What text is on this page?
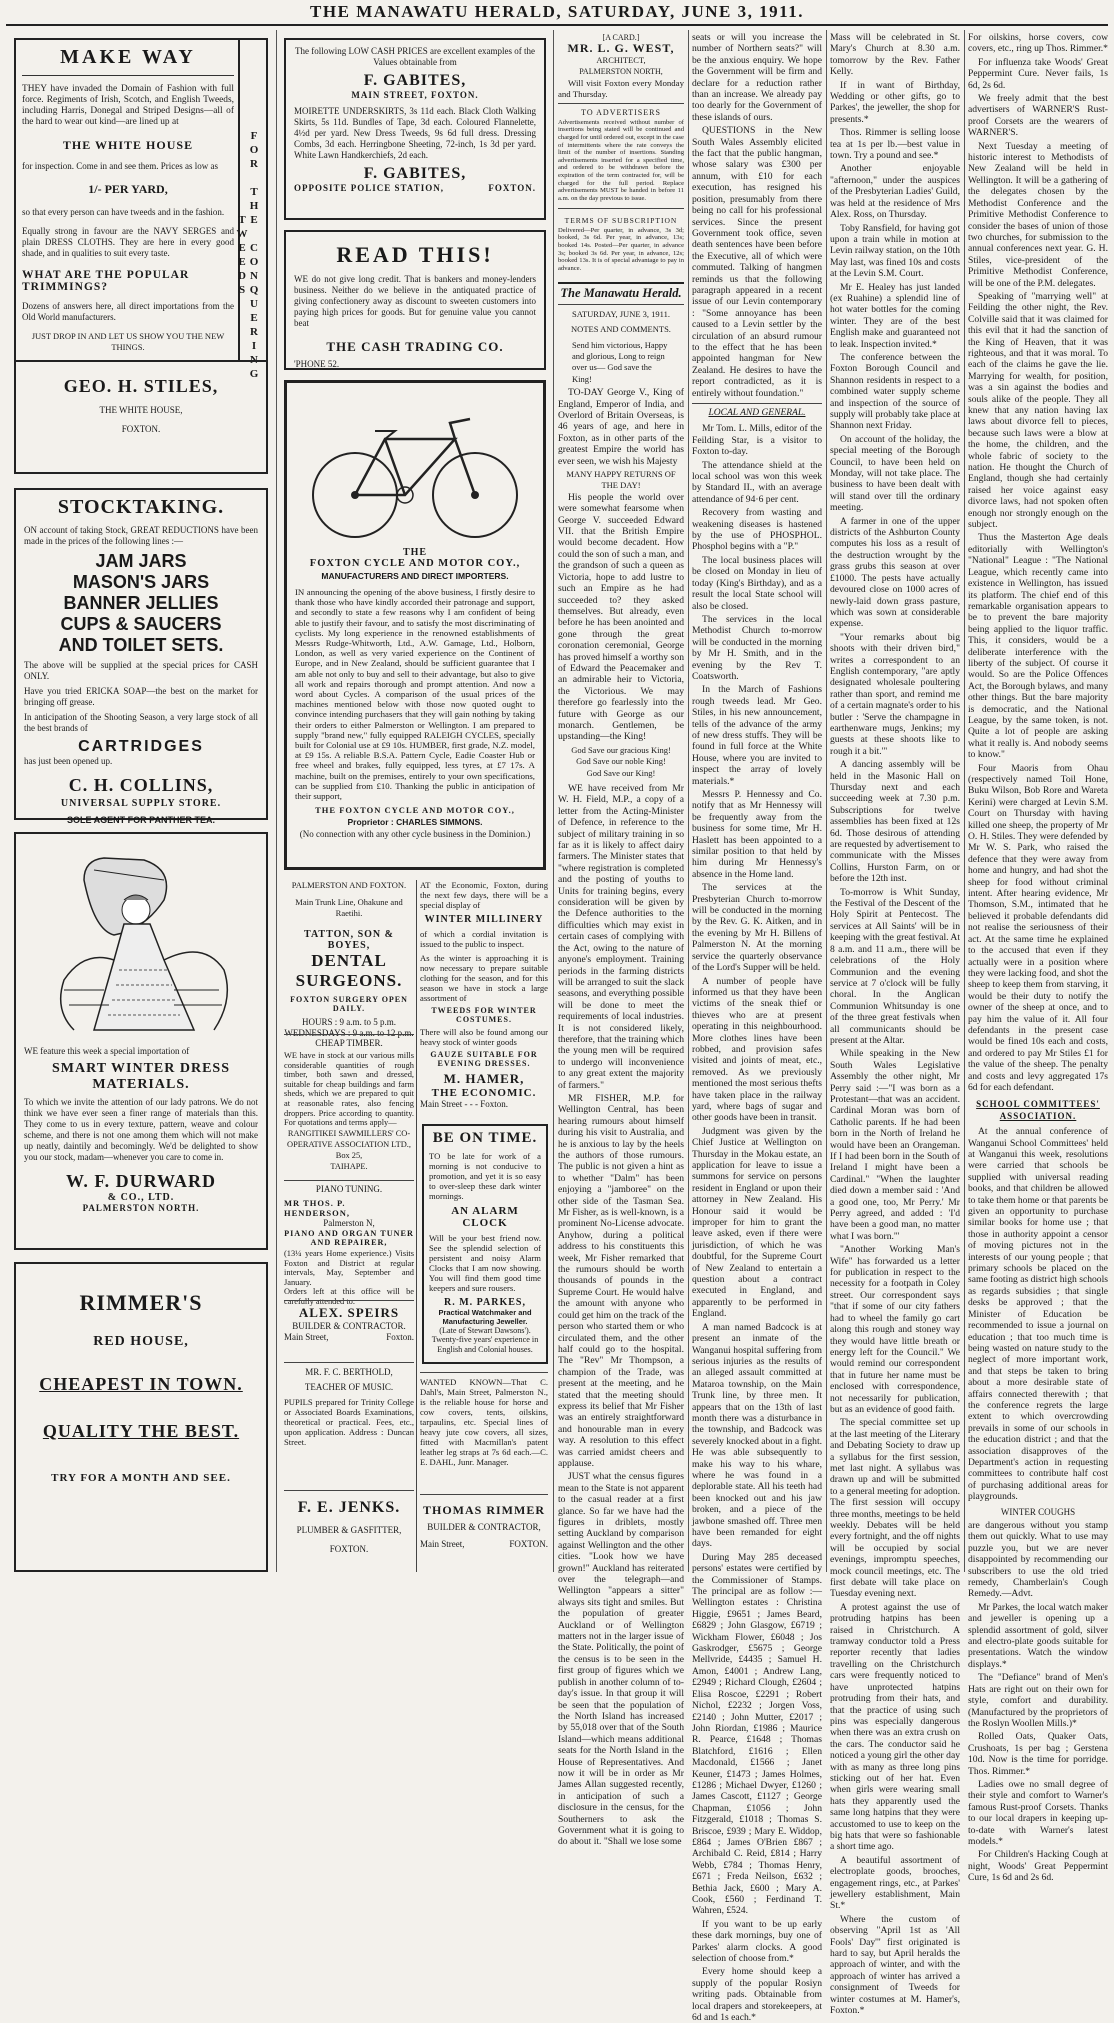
THE MANAWATU HERALD, SATURDAY, JUNE 3, 1911.
MAKE WAY
THEY have invaded the Domain of Fashion with full force. Regiments of Irish, Scotch, and English Tweeds, including Harris, Donegal and Striped Designs—all of the hard to wear out kind—are lined up at
THE WHITE HOUSE
for inspection. Come in and see them. Prices as low as
1/- PER YARD,
so that every person can have tweeds and in the fashion.
Equally strong in favour are the NAVY SERGES and plain DRESS CLOTHS. They are here in every good shade, and in qualities to suit every taste.
WHAT ARE THE POPULAR TRIMMINGS?
Dozens of answers here, all direct importations from the Old World manufacturers.
JUST DROP IN AND LET US SHOW YOU THE NEW THINGS.	FOR THE CONQUERING TWEEDS
GEO. H. STILES,
THE WHITE HOUSE,
FOXTON.
STOCKTAKING.
ON account of taking Stock, GREAT REDUCTIONS have been made in the prices of the following lines :—
JAM JARS
MASON'S JARS
BANNER JELLIES
CUPS & SAUCERS
AND TOILET SETS.
The above will be supplied at the special prices for CASH ONLY.
Have you tried ERICKA SOAP—the best on the market for bringing off grease.
In anticipation of the Shooting Season, a very large stock of all the best brands of
CARTRIDGES
has just been opened up.
C. H. COLLINS,
UNIVERSAL SUPPLY STORE.
SOLE AGENT FOR PANTHER TEA.
WE feature this week a special importation of
SMART WINTER DRESS MATERIALS.
To which we invite the attention of our lady patrons. We do not think we have ever seen a finer range of materials than this. They come to us in every texture, pattern, weave and colour scheme, and there is not one among them which will not make up neatly, daintily and becomingly. We'd be delighted to show you our stock, madam—whenever you care to come in.
W. F. DURWARD
& CO., LTD.
PALMERSTON NORTH.
RIMMER'S
RED HOUSE,
CHEAPEST IN TOWN.
QUALITY THE BEST.
TRY FOR A MONTH AND SEE.
The following LOW CASH PRICES are excellent examples of the Values obtainable from
F. GABITES,
MAIN STREET, FOXTON.
MOIRETTE UNDERSKIRTS, 3s 11d each. Black Cloth Walking Skirts, 5s 11d. Bundles of Tape, 3d each. Coloured Flannelette, 4½d per yard. New Dress Tweeds, 9s 6d full dress. Dressing Combs, 3d each. Herringbone Sheeting, 72-inch, 1s 3d per yard. White Lawn Handkerchiefs, 2d each.
F. GABITES,
OPPOSITE POLICE STATION,	FOXTON.
READ THIS!
WE do not give long credit. That is bankers and money-lenders business. Neither do we believe in the antiquated practice of giving confectionery away as discount to sweeten customers into paying high prices for goods. But for genuine value you cannot beat
THE CASH TRADING CO.
'PHONE 52.
THE
FOXTON CYCLE AND MOTOR COY.,
MANUFACTURERS AND DIRECT IMPORTERS.
IN announcing the opening of the above business, I firstly desire to thank those who have kindly accorded their patronage and support, and secondly to state a few reasons why I am confident of being able to justify their favour, and to satisfy the most discriminating of cyclists. My long experience in the renowned establishments of Messrs Rudge-Whitworth, Ltd., A.W. Gamage, Ltd., Holborn, London, as well as very varied experience on the Continent of Europe, and in New Zealand, should be sufficient guarantee that I am able not only to buy and sell to their advantage, but also to give all work and repairs thorough and prompt attention. And now a word about Cycles. A comparison of the usual prices of the machines mentioned below with those now quoted ought to convince intending purchasers that they will gain nothing by taking their orders to either Palmerston or Wellington. I am prepared to supply "brand new," fully equipped RALEIGH CYCLES, specially built for Colonial use at £9 10s. HUMBER, first grade, N.Z. model, at £9 15s. A reliable B.S.A. Pattern Cycle, Eadie Coaster Hub or free wheel and brakes, fully equipped, less tyres, at £7 17s. A machine, built on the premises, entirely to your own specifications, can be supplied from £10. Thanking the public in anticipation of their support,
THE FOXTON CYCLE AND MOTOR COY.,
Proprietor : CHARLES SIMMONS.
(No connection with any other cycle business in the Dominion.)
PALMERSTON AND FOXTON.
Main Trunk Line, Ohakune and Raetihi.
TATTON, SON & BOYES,
DENTAL SURGEONS.
FOXTON SURGERY OPEN DAILY.
HOURS : 9 a.m. to 5 p.m.
WEDNESDAYS : 9 a.m. to 12 p.m.
CHEAP TIMBER.
WE have in stock at our various mills considerable quantities of rough timber, both sawn and dressed, suitable for cheap buildings and farm sheds, which we are prepared to quit at reasonable rates, also fencing droppers. Price according to quantity. For quotations and terms apply—
RANGITIKEI SAWMILLERS' CO-OPERATIVE ASSOCIATION LTD.,
Box 25,
TAIHAPE.
PIANO TUNING.
MR THOS. P. HENDERSON,
Palmerston N,
PIANO AND ORGAN TUNER AND REPAIRER,
(13¼ years Home experience.) Visits Foxton and District at regular intervals, May, September and January.
Orders left at this office will be carefully attended to.
ALEX. SPEIRS
BUILDER & CONTRACTOR.
Main Street,	Foxton.
MR. F. C. BERTHOLD,
TEACHER OF MUSIC.
PUPILS prepared for Trinity College or Associated Boards Examinations, theoretical or practical. Fees, etc., upon application. Address : Duncan Street.
F. E. JENKS.
PLUMBER & GASFITTER,
FOXTON.
AT the Economic, Foxton, during the next few days, there will be a special display of
WINTER MILLINERY
of which a cordial invitation is issued to the public to inspect.
As the winter is approaching it is now necessary to prepare suitable clothing for the season, and for this season we have in stock a large assortment of
TWEEDS FOR WINTER COSTUMES.
There will also be found among our heavy stock of winter goods
GAUZE SUITABLE FOR EVENING DRESSES.
M. HAMER,
THE ECONOMIC.
Main Street - - - Foxton.
BE ON TIME.
TO be late for work of a morning is not conducive to promotion, and yet it is so easy to over-sleep these dark winter mornings.
AN ALARM CLOCK
Will be your best friend now. See the splendid selection of persistent and noisy Alarm Clocks that I am now showing. You will find them good time keepers and sure rousers.
R. M. PARKES,
Practical Watchmaker and Manufacturing Jeweller.
(Late of Stewart Dawsons'). Twenty-five years' experience in English and Colonial houses.
WANTED KNOWN—That C. Dahl's, Main Street, Palmerston N., is the reliable house for horse and cow covers, tents, oilskins, tarpaulins, etc. Special lines of heavy jute cow covers, all sizes, fitted with Macmillan's patent leather leg straps at 7s 6d each.—C. E. DAHL, Junr. Manager.
THOMAS RIMMER
BUILDER & CONTRACTOR,
Main Street,	FOXTON.
[A CARD.]
MR. L. G. WEST,
ARCHITECT,
PALMERSTON NORTH,

Will visit Foxton every Monday and Thursday.

TO ADVERTISERS
Advertisements received without number of insertions being stated will be continued and charged for until ordered out, except in the case of intermittents where the rate conveys the limit of the number of insertions. Standing advertisements inserted for a specified time, and ordered to be withdrawn before the expiration of the term contracted for, will be charged for the full period. Replace advertisements MUST be handed in before 11 a.m. on the day previous to issue.
TERMS OF SUBSCRIPTION
Delivered—Per quarter, in advance, 3s 3d; booked, 3s 6d. Per year, in advance, 13s; booked 14s. Posted—Per quarter, in advance 3s; booked 3s 6d. Per year, in advance, 12s; booked 13s. It is of special advantage to pay in advance.
The Manawatu Herald.
SATURDAY, JUNE 3, 1911.
NOTES AND COMMENTS.
Send him victorious, Happy and glorious, Long to reign over us— God save the King!

TO-DAY George V., King of England, Emperor of India, and Overlord of Britain Overseas, is 46 years of age, and here in Foxton, as in other parts of the greatest Empire the world has ever seen, we wish his Majesty

MANY HAPPY RETURNS OF THE DAY!

His people the world over were somewhat fearsome when George V. succeeded Edward VII. that the British Empire would become decadent. How could the son of such a man, and the grandson of such a queen as Victoria, hope to add lustre to such an Empire as he had succeeded to? they asked themselves. But already, even before he has been anointed and gone through the great coronation ceremonial, George has proved himself a worthy son of Edward the Peacemaker and an admirable heir to Victoria, the Victorious. We may therefore go fearlessly into the future with George as our monarch. Gentlemen, be upstanding—the King!

God Save our gracious King! God Save our noble King! God Save our King!

WE have received from Mr W. H. Field, M.P., a copy of a letter from the Acting-Minister of Defence, in reference to the subject of military training in so far as it is likely to affect dairy farmers. The Minister states that "where registration is completed and the posting of youths to Units for training begins, every consideration will be given by the Defence authorities to the difficulties which may exist in certain cases of complying with the Act, owing to the nature of anyone's employment. Training periods in the farming districts will be arranged to suit the slack seasons, and everything possible will be done to meet the requirements of local industries. It is not considered likely, therefore, that the training which the young men will be required to undergo will inconvenience to any great extent the majority of farmers."

MR FISHER, M.P. for Wellington Central, has been hearing rumours about himself during his visit to Australia, and he is anxious to lay by the heels the authors of those rumours. The public is not given a hint as to whether "Dalm" has been enjoying a "jamboree" on the other side of the Tasman Sea. Mr Fisher, as is well-known, is a prominent No-License advocate. Anyhow, during a political address to his constituents this week, Mr Fisher remarked that the rumours should be worth thousands of pounds in the Supreme Court. He would halve the amount with anyone who could get him on the track of the person who started them or who circulated them, and the other half could go to the hospital. The "Rev" Mr Thompson, a champion of the Trade, was present at the meeting, and he stated that the meeting should express its belief that Mr Fisher was an entirely straightforward and honourable man in every way. A resolution to this effect was carried amidst cheers and applause.

JUST what the census figures mean to the State is not apparent to the casual reader at a first glance. So far we have had the figures in driblets, mostly setting Auckland by comparison against Wellington and the other cities. "Look how we have grown!" Auckland has reiterated over the telegraph—and Wellington "appears a sitter" always sits tight and smiles. But the population of greater Auckland or of Wellington matters not in the larger issue of the State. Politically, the point of the census is to be seen in the first group of figures which we publish in another column of to-day's issue. In that group it will be seen that the population of the North Island has increased by 55,018 over that of the South Island—which means additional seats for the North Island in the House of Representatives. And now it will be in order as Mr James Allan suggested recently, in anticipation of such a disclosure in the census, for the Southerners to ask the Government what it is going to do about it. "Shall we lose some

seats or will you increase the number of Northern seats?" will be the anxious enquiry. We hope the Government will be firm and declare for a reduction rather than an increase. We already pay too dearly for the Government of these islands of ours.

QUESTIONS in the New South Wales Assembly elicited the fact that the public hangman, whose salary was £300 per annum, with £10 for each execution, has resigned his position, presumably from there being no call for his professional services. Since the present Government took office, seven death sentences have been before the Executive, all of which were commuted. Talking of hangmen reminds us that the following paragraph appeared in a recent issue of our Levin contemporary : "Some annoyance has been caused to a Levin settler by the circulation of an absurd rumour to the effect that he has been appointed hangman for New Zealand. He desires to have the report contradicted, as it is entirely without foundation."

LOCAL AND GENERAL.

Mr Tom. L. Mills, editor of the Feilding Star, is a visitor to Foxton to-day.

The attendance shield at the local school was won this week by Standard II., with an average attendance of 94·6 per cent.

Recovery from wasting and weakening diseases is hastened by the use of PHOSPHOL. Phosphol begins with a "P."

The local business places will be closed on Monday in lieu of today (King's Birthday), and as a result the local State school will also be closed.

The services in the local Methodist Church to-morrow will be conducted in the morning by Mr H. Smith, and in the evening by the Rev T. Coatsworth.

In the March of Fashions rough tweeds lead. Mr Geo. Stiles, in his new announcement, tells of the advance of the army of new dress stuffs. They will be found in full force at the White House, where you are invited to inspect the array of lovely materials.*

Messrs P. Hennessy and Co. notify that as Mr Hennessy will be frequently away from the business for some time, Mr H. Haslett has been appointed to a similar position to that held by him during Mr Hennessy's absence in the Home land.

The services at the Presbyterian Church to-morrow will be conducted in the morning by the Rev. G. K. Aitken, and in the evening by Mr H. Billens of Palmerston N. At the morning service the quarterly observance of the Lord's Supper will be held.

A number of people have informed us that they have been victims of the sneak thief or thieves who are at present operating in this neighbourhood. More clothes lines have been robbed, and provision safes visited and joints of meat, etc., removed. As we previously mentioned the most serious thefts have taken place in the railway yard, where bags of sugar and other goods have been in transit.

Judgment was given by the Chief Justice at Wellington on Thursday in the Mokau estate, an application for leave to issue a summons for service on persons resident in England or upon their attorney in New Zealand. His Honour said it would be improper for him to grant the leave asked, even if there were jurisdiction, of which he was doubtful, for the Supreme Court of New Zealand to entertain a question about a contract executed in England, and apparently to be performed in England.

A man named Badcock is at present an inmate of the Wanganui hospital suffering from serious injuries as the results of an alleged assault committed at Mataroa township, on the Main Trunk line, by three men. It appears that on the 13th of last month there was a disturbance in the township, and Badcock was severely knocked about in a fight. He was able subsequently to make his way to his whare, where he was found in a deplorable state. All his teeth had been knocked out and his jaw broken, and a piece of the jawbone smashed off. Three men have been remanded for eight days.

During May 285 deceased persons' estates were certified by the Commissioner of Stamps. The principal are as follow :—Wellington estates : Christina Higgie, £9651 ; James Beard, £6829 ; John Glasgow, £6719 ; Wickham Flower, £6048 ; Jos Gaskrodger, £5675 ; George Mellvride, £4435 ; Samuel H. Amon, £4001 ; Andrew Lang, £2949 ; Richard Clough, £2604 ; Elisa Roscoe, £2291 ; Robert Nichol, £2232 ; Jorgen Voss, £2140 ; John Mutter, £2017 ; John Riordan, £1986 ; Maurice R. Pearce, £1648 ; Thomas Blatchford, £1616 ; Ellen Macdonald, £1566 ; Janet Keuner, £1473 ; James Holmes, £1286 ; Michael Dwyer, £1260 ; James Cascott, £1127 ; George Chapman, £1056 ; John Fitzgerald, £1018 ; Thomas S. Briscoe, £939 ; Mary E. Widdop, £864 ; James O'Brien £867 ; Archibald C. Reid, £814 ; Harry Webb, £784 ; Thomas Henry, £671 ; Freda Neilson, £632 ; Bethia Jack, £600 ; Mary A. Cook, £560 ; Ferdinand T. Wahren, £524.

If you want to be up early these dark mornings, buy one of Parkes' alarm clocks. A good selection of choose from.*

Every home should keep a supply of the popular Rosiyn writing pads. Obtainable from local drapers and storekeepers, at 6d and 1s each.*

Mass will be celebrated in St. Mary's Church at 8.30 a.m. tomorrow by the Rev. Father Kelly.

If in want of Birthday, Wedding or other gifts, go to Parkes', the jeweller, the shop for presents.*

Thos. Rimmer is selling loose tea at 1s per lb.—best value in town. Try a pound and see.*

Another enjoyable "afternoon," under the auspices of the Presbyterian Ladies' Guild, was held at the residence of Mrs Alex. Ross, on Thursday.

Toby Ransfield, for having got upon a train while in motion at Levin railway station, on the 10th May last, was fined 10s and costs at the Levin S.M. Court.

Mr E. Healey has just landed (ex Ruahine) a splendid line of hot water bottles for the coming winter. They are of the best English make and guaranteed not to leak. Inspection invited.*

The conference between the Foxton Borough Council and Shannon residents in respect to a combined water supply scheme and inspection of the source of supply will probably take place at Shannon next Friday.

On account of the holiday, the special meeting of the Borough Council, to have been held on Monday, will not take place. The business to have been dealt with will stand over till the ordinary meeting.

A farmer in one of the upper districts of the Ashburton County computes his loss as a result of the destruction wrought by the grass grubs this season at over £1000. The pests have actually devoured close on 1000 acres of newly-laid down grass pasture, which was sown at considerable expense.

"Your remarks about big shoots with their driven bird," writes a correspondent to an English contemporary, "are aptly designated wholesale poultering rather than sport, and remind me of a certain magnate's order to his butler : 'Serve the champagne in earthenware mugs, Jenkins; my guests at these shoots like to rough it a bit.'"

A dancing assembly will be held in the Masonic Hall on Thursday next and each succeeding week at 7.30 p.m. Subscriptions for twelve assemblies has been fixed at 12s 6d. Those desirous of attending are requested by advertisement to communicate with the Misses Collins, Hurston Farm, on or before the 12th inst.

To-morrow is Whit Sunday, the Festival of the Descent of the Holy Spirit at Pentecost. The services at All Saints' will be in keeping with the great festival. At 8 a.m. and 11 a.m., there will be celebrations of the Holy Communion and the evening service at 7 o'clock will be fully choral. In the Anglican Communion Whitsunday is one of the three great festivals when all communicants should be present at the Altar.

While speaking in the New South Wales Legislative Assembly the other night, Mr Perry said :—"I was born as a Protestant—that was an accident. Cardinal Moran was born of Catholic parents. If he had been born in the North of Ireland he would have been an Orangeman. If I had been born in the South of Ireland I might have been a Cardinal." "When the laughter died down a member said : 'And a good one, too, Mr Perry.' Mr Perry agreed, and added : 'I'd have been a good man, no matter what I was born.'"

"Another Working Man's Wife" has forwarded us a letter for publication in respect to the necessity for a footpath in Coley street. Our correspondent says "that if some of our city fathers had to wheel the family go cart along this rough and stoney way they would have little breath or energy left for the Council." We would remind our correspondent that in future her name must be enclosed with correspondence, not necessarily for publication, but as an evidence of good faith.

The special committee set up at the last meeting of the Literary and Debating Society to draw up a syllabus for the first session, met last night. A syllabus was drawn up and will be submitted to a general meeting for adoption. The first session will occupy three months, meetings to be held weekly. Debates will be held every fortnight, and the off nights will be occupied by social evenings, impromptu speeches, mock council meetings, etc. The first debate will take place on Tuesday evening next.

A protest against the use of protruding hatpins has been raised in Christchurch. A tramway conductor told a Press reporter recently that ladies travelling on the Christchurch cars were frequently noticed to have unprotected hatpins protruding from their hats, and that the practice of using such pins was especially dangerous when there was an extra crush on the cars. The conductor said he noticed a young girl the other day with as many as three long pins sticking out of her hat. Even when girls were wearing small hats they apparently used the same long hatpins that they were accustomed to use to keep on the big hats that were so fashionable a short time ago.

A beautiful assortment of electroplate goods, brooches, engagement rings, etc., at Parkes' jewellery establishment, Main St.*

Where the custom of observing "April 1st as 'All Fools' Day'" first originated is hard to say, but April heralds the approach of winter, and with the approach of winter has arrived a consignment of Tweeds for winter costumes at M. Hamer's, Foxton.*

For oilskins, horse covers, cow covers, etc., ring up Thos. Rimmer.*

For influenza take Woods' Great Peppermint Cure. Never fails, 1s 6d, 2s 6d.

We freely admit that the best advertisers of WARNER'S Rust-proof Corsets are the wearers of WARNER'S.

Next Tuesday a meeting of historic interest to Methodists of New Zealand will be held in Wellington. It will be a gathering of the delegates chosen by the Methodist Conference and the Primitive Methodist Conference to consider the bases of union of those two churches, for submission to the annual conferences next year. G. H. Stiles, vice-president of the Primitive Methodist Conference, will be one of the P.M. delegates.

Speaking of "marrying well" at Feilding the other night, the Rev. Colville said that it was claimed for this evil that it had the sanction of the King of Heaven, that it was righteous, and that it was moral. To each of the claims he gave the lie. Marrying for wealth, for position, was a sin against the bodies and souls alike of the people. They all knew that any nation having lax laws about divorce fell to pieces, because such laws were a blow at the home, the children, and the whole fabric of society to the nation. He thought the Church of England, though she had certainly raised her voice against easy divorce laws, had not spoken often enough nor strongly enough on the subject.

Thus the Masterton Age deals editorially with Wellington's "National" League : "The National League, which recently came into existence in Wellington, has issued its platform. The chief end of this remarkable organisation appears to be to prevent the bare majority being applied to the liquor traffic. This, it considers, would be a deliberate interference with the liberty of the subject. Of course it would. So are the Police Offences Act, the Borough bylaws, and many other things. But the bare majority is democratic, and the National League, by the same token, is not. Quite a lot of people are asking what it really is. And nobody seems to know."

Four Maoris from Ohau (respectively named Toil Hone, Buku Wilson, Bob Rore and Wareta Kerini) were charged at Levin S.M. Court on Thursday with having killed one sheep, the property of Mr O. H. Stiles. They were defended by Mr W. S. Park, who raised the defence that they were away from home and hungry, and had shot the sheep for food without criminal intent. After hearing evidence, Mr Thomson, S.M., intimated that he believed it probable defendants did not realise the seriousness of their act. At the same time he explained to the accused that even if they actually were in a position where they were lacking food, and shot the sheep to keep them from starving, it would be their duty to notify the owner of the sheep at once, and to pay him the value of it. All four defendants in the present case would be fined 10s each and costs, and ordered to pay Mr Stiles £1 for the value of the sheep. The penalty and costs and levy aggregated 17s 6d for each defendant.

SCHOOL COMMITTEES' ASSOCIATION.

At the annual conference of Wanganui School Committees' held at Wanganui this week, resolutions were carried that schools be supplied with universal reading books, and that children be allowed to take them home or that parents be given an opportunity to purchase similar books for home use ; that those in authority appoint a censor of moving pictures not in the interests of our young people ; that primary schools be placed on the same footing as district high schools as regards subsidies ; that single desks be approved ; that the Minister of Education be recommended to issue a journal on education ; that too much time is being wasted on nature study to the neglect of more important work, and that steps be taken to bring about a more desirable state of affairs connected therewith ; that the conference regrets the large extent to which overcrowding prevails in some of our schools in the education district ; and that the association disapproves of the Department's action in requesting committees to contribute half cost of purchasing additional areas for playgrounds.

WINTER COUGHS

are dangerous without you stamp them out quickly. What to use may puzzle you, but we are never disappointed by recommending our subscribers to use the old tried remedy, Chamberlain's Cough Remedy.—Advt.

Mr Parkes, the local watch maker and jeweller is opening up a splendid assortment of gold, silver and electro-plate goods suitable for presentations. Watch the window displays.*

The "Defiance" brand of Men's Hats are right out on their own for style, comfort and durability. (Manufactured by the proprietors of the Roslyn Woollen Mills.)*

Rolled Oats, Quaker Oats, Crushoats, 1s per bag ; Gerstena 10d. Now is the time for porridge. Thos. Rimmer.*

Ladies owe no small degree of their style and comfort to Warner's famous Rust-proof Corsets. Thanks to our local drapers in keeping up-to-date with Warner's latest models.*

For Children's Hacking Cough at night, Woods' Great Peppermint Cure, 1s 6d and 2s 6d.
